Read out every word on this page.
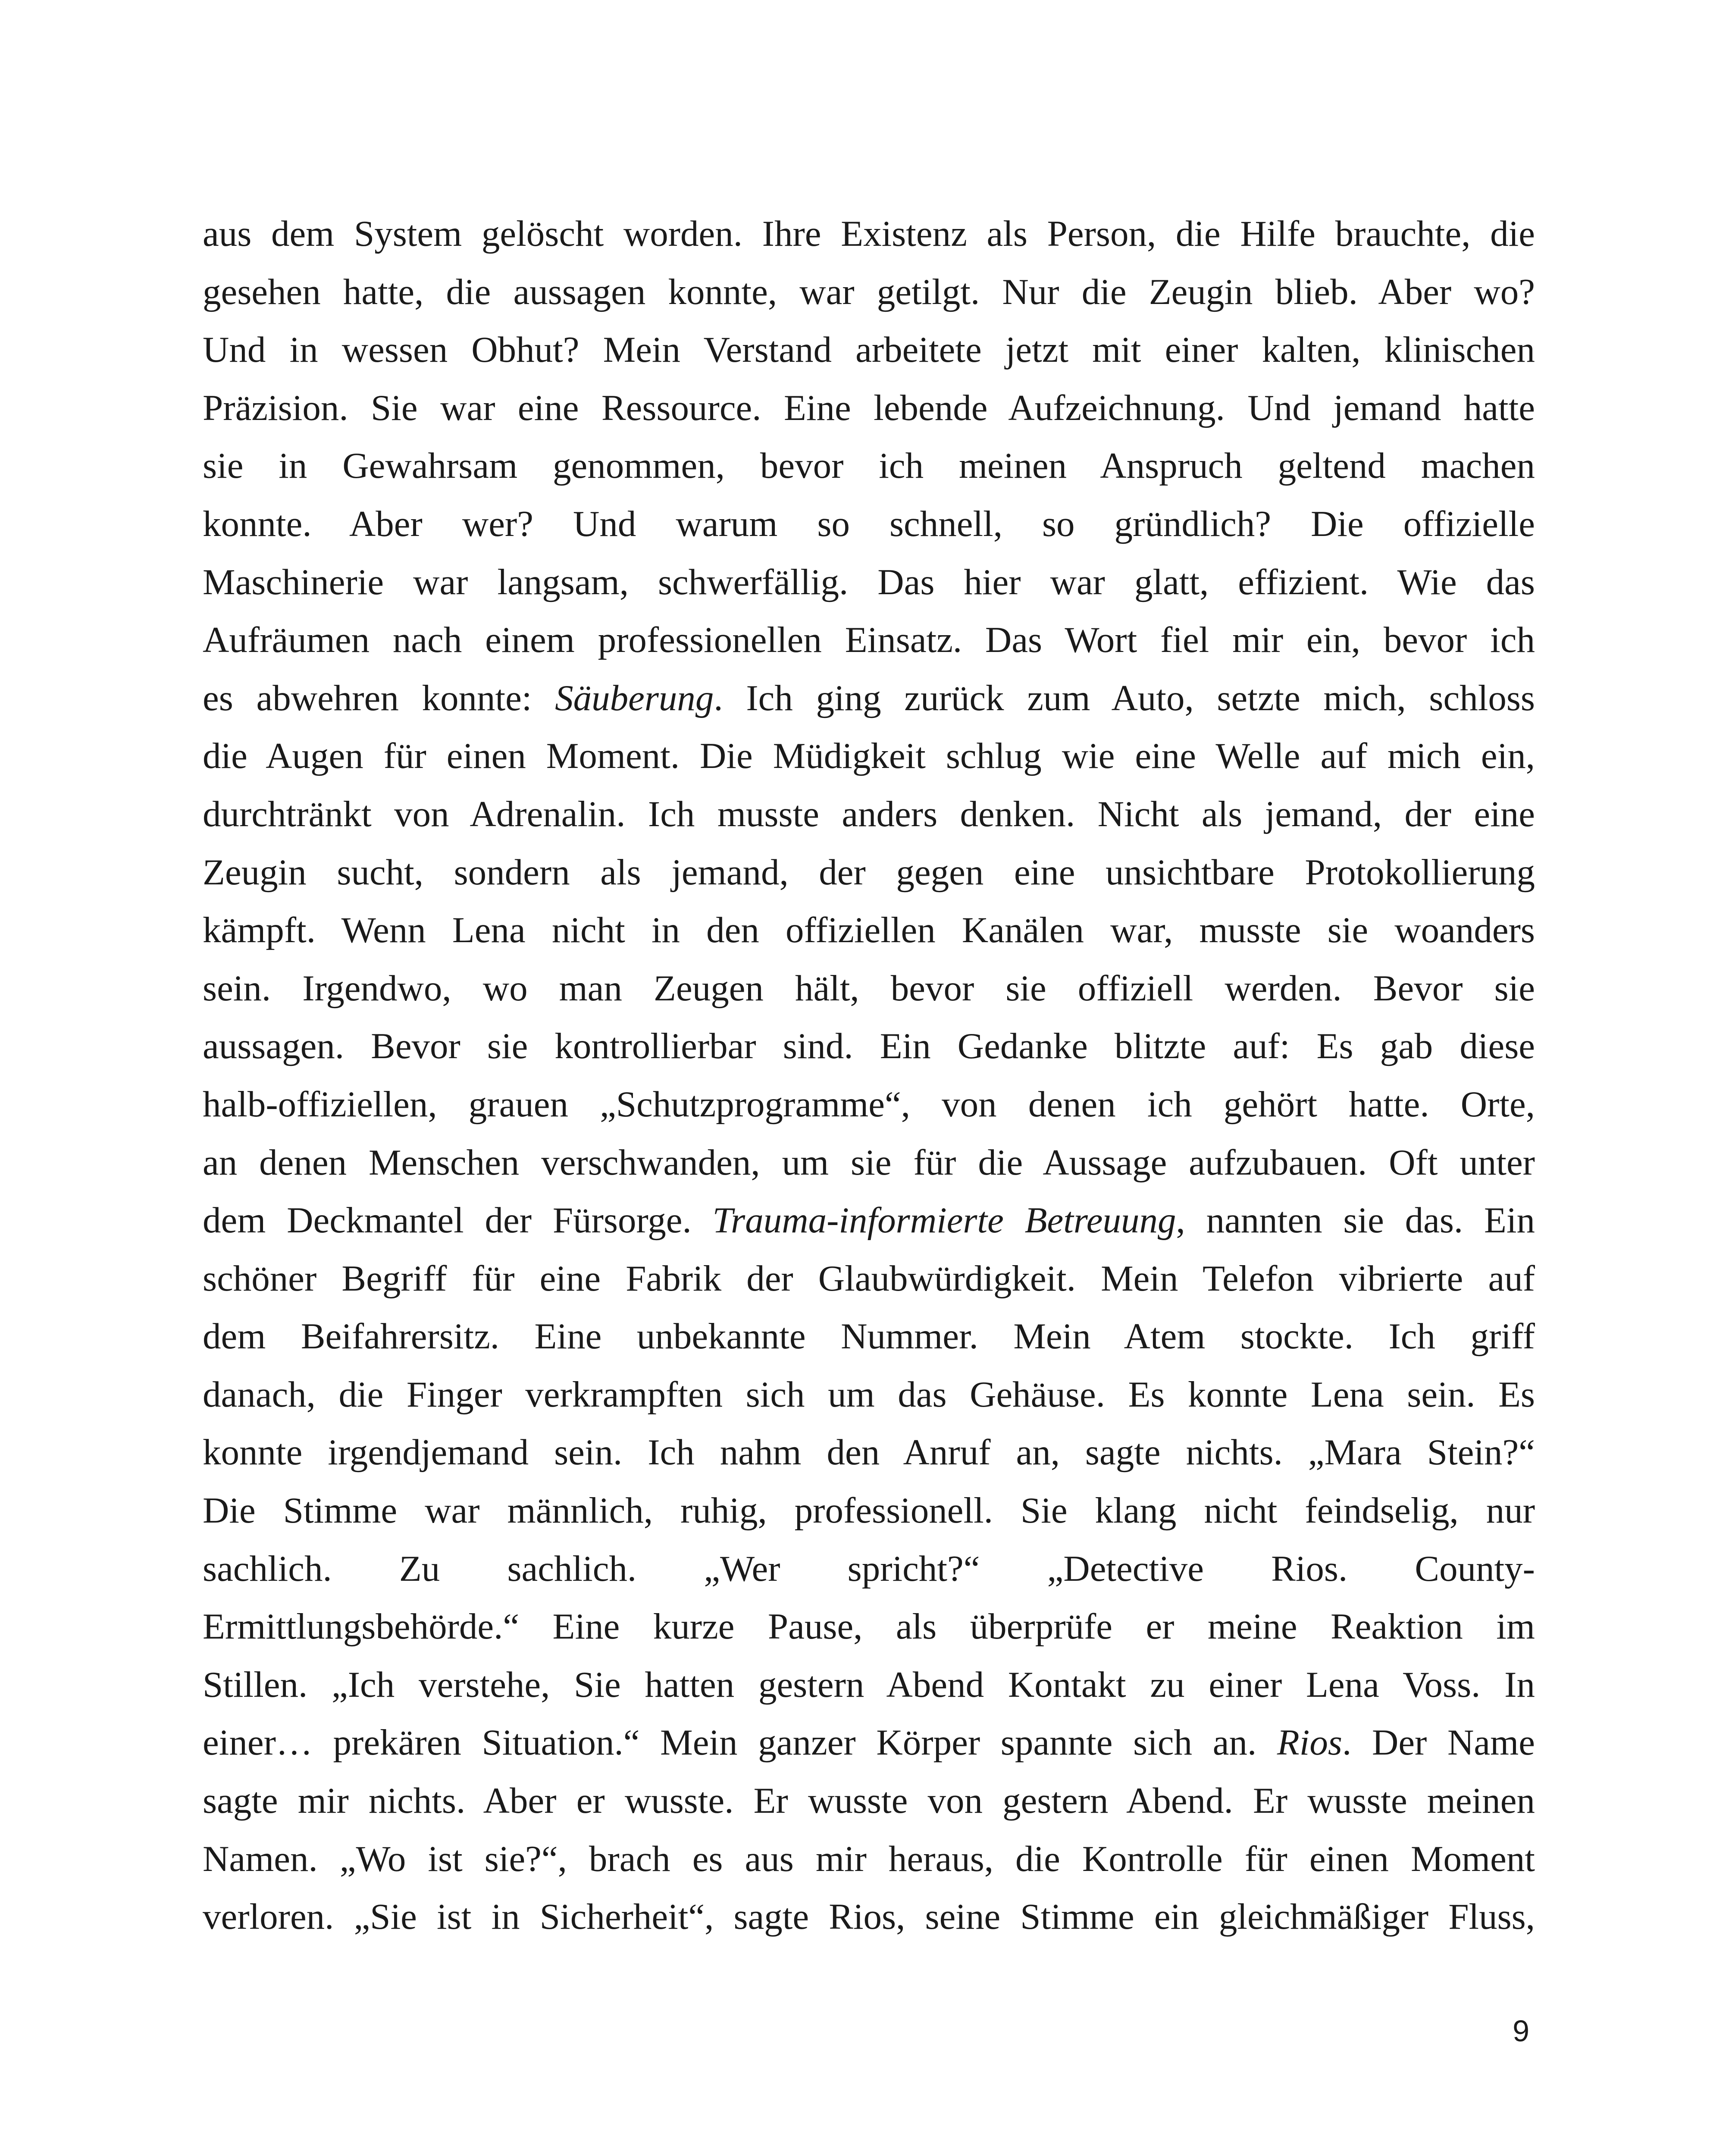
aus dem System gelöscht worden. Ihre Existenz als Person, die Hilfe brauchte, die
gesehen hatte, die aussagen konnte, war getilgt. Nur die Zeugin blieb. Aber wo?
Und in wessen Obhut? Mein Verstand arbeitete jetzt mit einer kalten, klinischen
Präzision. Sie war eine Ressource. Eine lebende Aufzeichnung. Und jemand hatte
sie in Gewahrsam genommen, bevor ich meinen Anspruch geltend machen
konnte. Aber wer? Und warum so schnell, so gründlich? Die offizielle
Maschinerie war langsam, schwerfällig. Das hier war glatt, effizient. Wie das
Aufräumen nach einem professionellen Einsatz. Das Wort fiel mir ein, bevor ich
es abwehren konnte: Säuberung. Ich ging zurück zum Auto, setzte mich, schloss
die Augen für einen Moment. Die Müdigkeit schlug wie eine Welle auf mich ein,
durchtränkt von Adrenalin. Ich musste anders denken. Nicht als jemand, der eine
Zeugin sucht, sondern als jemand, der gegen eine unsichtbare Protokollierung
kämpft. Wenn Lena nicht in den offiziellen Kanälen war, musste sie woanders
sein. Irgendwo, wo man Zeugen hält, bevor sie offiziell werden. Bevor sie
aussagen. Bevor sie kontrollierbar sind. Ein Gedanke blitzte auf: Es gab diese
halb-offiziellen, grauen „Schutzprogramme“, von denen ich gehört hatte. Orte,
an denen Menschen verschwanden, um sie für die Aussage aufzubauen. Oft unter
dem Deckmantel der Fürsorge. Trauma-informierte Betreuung, nannten sie das. Ein
schöner Begriff für eine Fabrik der Glaubwürdigkeit. Mein Telefon vibrierte auf
dem Beifahrersitz. Eine unbekannte Nummer. Mein Atem stockte. Ich griff
danach, die Finger verkrampften sich um das Gehäuse. Es konnte Lena sein. Es
konnte irgendjemand sein. Ich nahm den Anruf an, sagte nichts. „Mara Stein?“
Die Stimme war männlich, ruhig, professionell. Sie klang nicht feindselig, nur
sachlich. Zu sachlich. „Wer spricht?“ „Detective Rios. County-
Ermittlungsbehörde.“ Eine kurze Pause, als überprüfe er meine Reaktion im
Stillen. „Ich verstehe, Sie hatten gestern Abend Kontakt zu einer Lena Voss. In
einer… prekären Situation.“ Mein ganzer Körper spannte sich an. Rios. Der Name
sagte mir nichts. Aber er wusste. Er wusste von gestern Abend. Er wusste meinen
Namen. „Wo ist sie?“, brach es aus mir heraus, die Kontrolle für einen Moment
verloren. „Sie ist in Sicherheit“, sagte Rios, seine Stimme ein gleichmäßiger Fluss,
9
